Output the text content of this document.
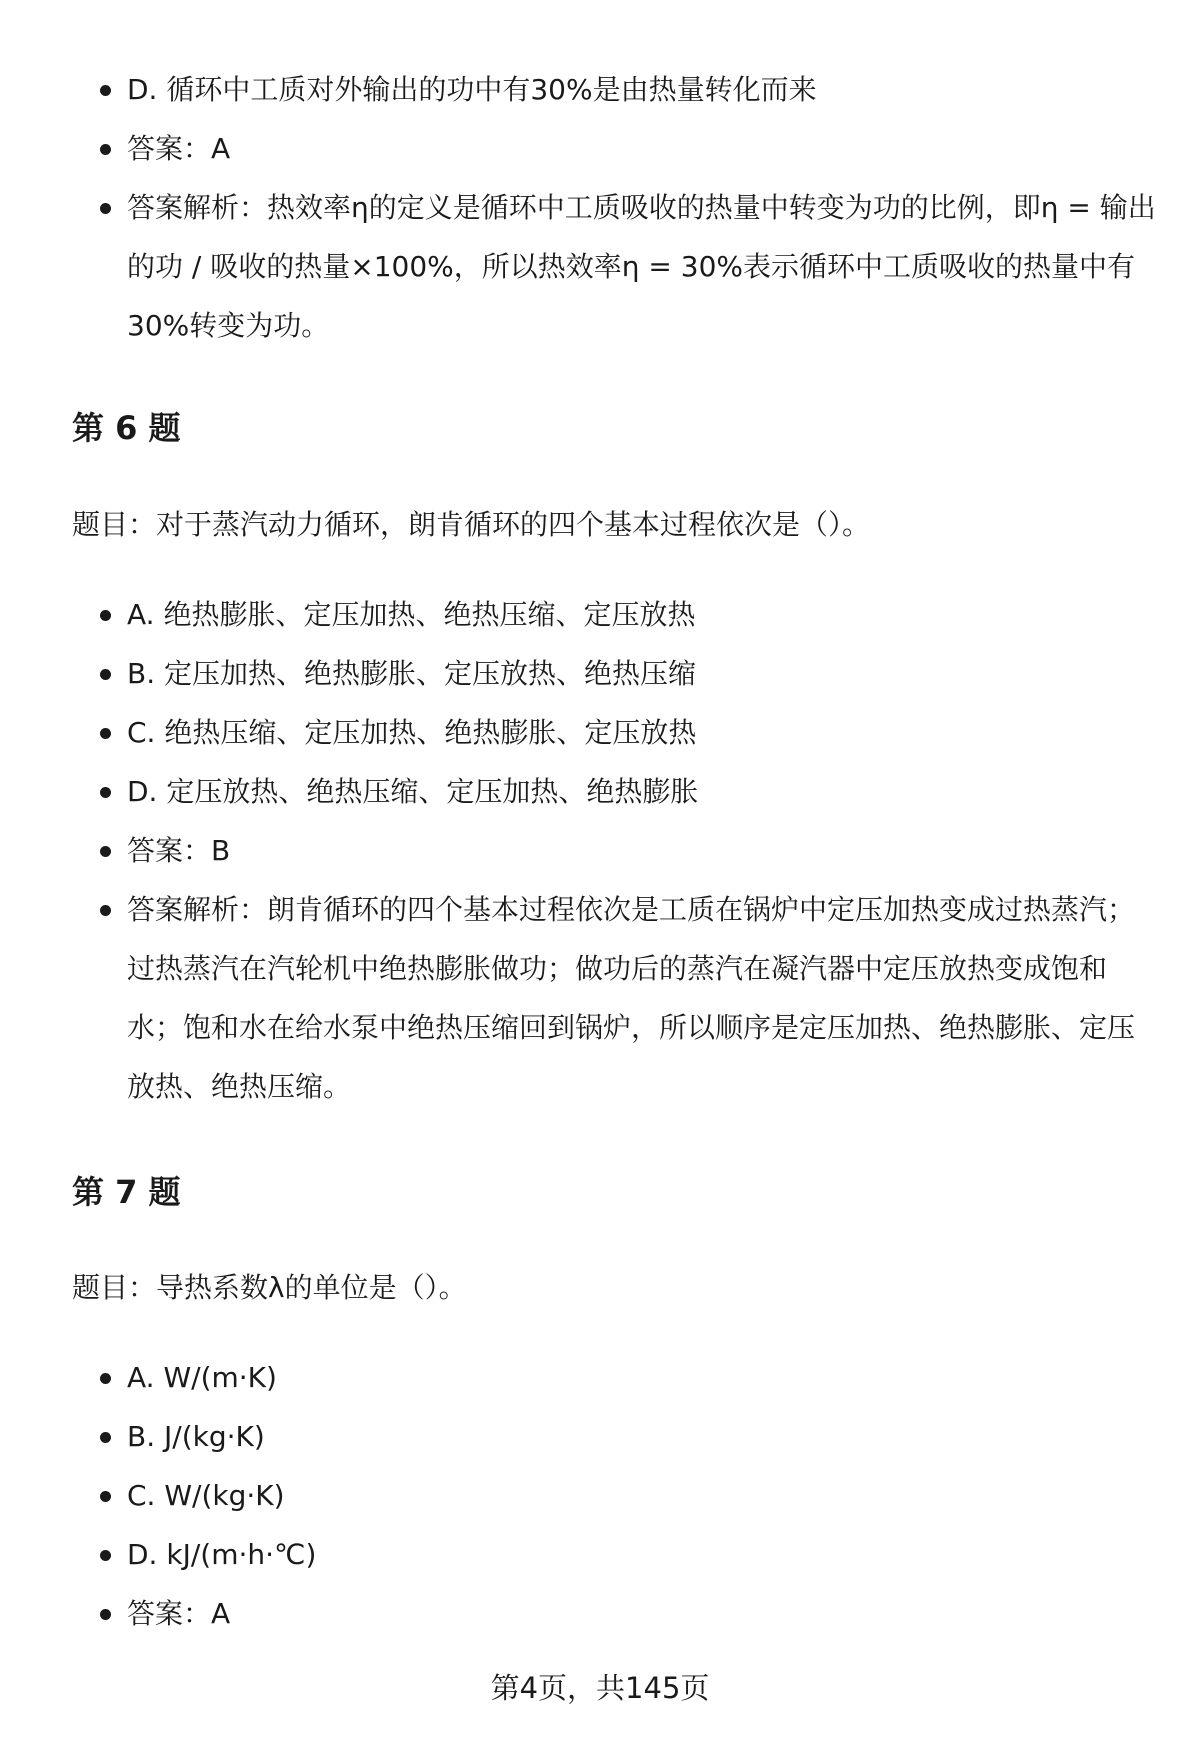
D. 循环中工质对外输出的功中有30%是由热量转化而来
答案：A
答案解析：热效率η的定义是循环中工质吸收的热量中转变为功的比例，即η = 输出的功 / 吸收的热量×100%，所以热效率η = 30%表示循环中工质吸收的热量中有30%转变为功。
第 6 题

题目：对于蒸汽动力循环，朗肯循环的四个基本过程依次是（）。

A. 绝热膨胀、定压加热、绝热压缩、定压放热
B. 定压加热、绝热膨胀、定压放热、绝热压缩
C. 绝热压缩、定压加热、绝热膨胀、定压放热
D. 定压放热、绝热压缩、定压加热、绝热膨胀
答案：B
答案解析：朗肯循环的四个基本过程依次是工质在锅炉中定压加热变成过热蒸汽；过热蒸汽在汽轮机中绝热膨胀做功；做功后的蒸汽在凝汽器中定压放热变成饱和水；饱和水在给水泵中绝热压缩回到锅炉，所以顺序是定压加热、绝热膨胀、定压放热、绝热压缩。
第 7 题

题目：导热系数λ的单位是（）。

A. W/(m·K)
B. J/(kg·K)
C. W/(kg·K)
D. kJ/(m·h·℃)
答案：A
第4页，共145页
